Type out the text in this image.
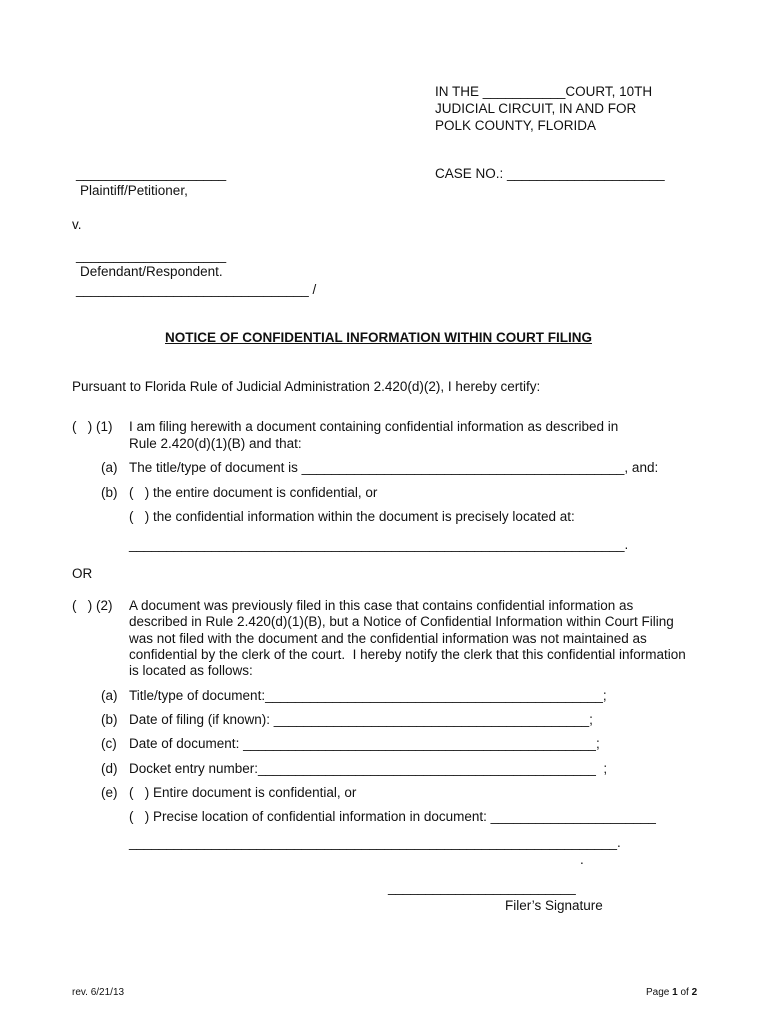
IN THE ___________COURT, 10TH
JUDICIAL CIRCUIT, IN AND FOR
POLK COUNTY, FLORIDA
CASE NO.: _____________________
____________________
Plaintiff/Petitioner,
v.
____________________
Defendant/Respondent.
_______________________________ /
NOTICE OF CONFIDENTIAL INFORMATION WITHIN COURT FILING
Pursuant to Florida Rule of Judicial Administration 2.420(d)(2), I hereby certify:
(   ) (1) I am filing herewith a document containing confidential information as described in
Rule 2.420(d)(1)(B) and that:
(a) The title/type of document is ___________________________________________, and:
(b) (   ) the entire document is confidential, or
(   ) the confidential information within the document is precisely located at:
__________________________________________________________________.
OR
(   ) (2) A document was previously filed in this case that contains confidential information as
described in Rule 2.420(d)(1)(B), but a Notice of Confidential Information within Court Filing
was not filed with the document and the confidential information was not maintained as
confidential by the clerk of the court.  I hereby notify the clerk that this confidential information
is located as follows:
(a) Title/type of document:_____________________________________________;
(b) Date of filing (if known): __________________________________________;
(c) Date of document: _______________________________________________;
(d) Docket entry number:_____________________________________________  ;
(e) (   ) Entire document is confidential, or
(   ) Precise location of confidential information in document: ______________________
_________________________________________________________________.
.
_________________________
Filer’s Signature
rev. 6/21/13	Page 1 of 2
